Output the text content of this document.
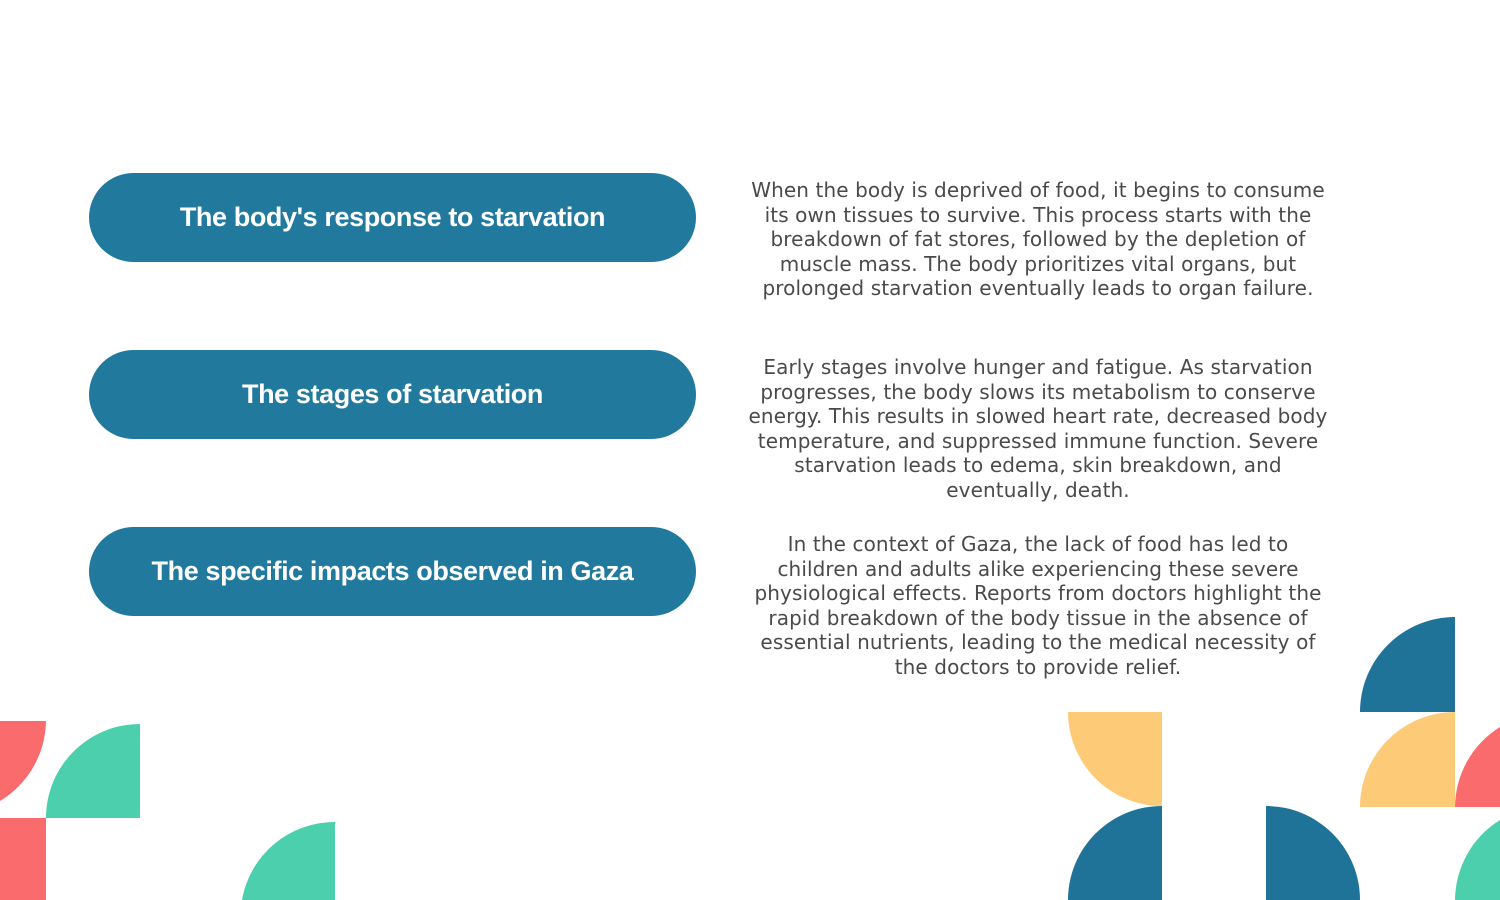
The body's response to starvation

When the body is deprived of food, it begins to consume its own tissues to survive. This process starts with the breakdown of fat stores, followed by the depletion of muscle mass. The body prioritizes vital organs, but prolonged starvation eventually leads to organ failure.

The stages of starvation

Early stages involve hunger and fatigue. As starvation progresses, the body slows its metabolism to conserve energy. This results in slowed heart rate, decreased body temperature, and suppressed immune function. Severe starvation leads to edema, skin breakdown, and eventually, death.

The specific impacts observed in Gaza

In the context of Gaza, the lack of food has led to children and adults alike experiencing these severe physiological effects. Reports from doctors highlight the rapid breakdown of the body tissue in the absence of essential nutrients, leading to the medical necessity of the doctors to provide relief.
